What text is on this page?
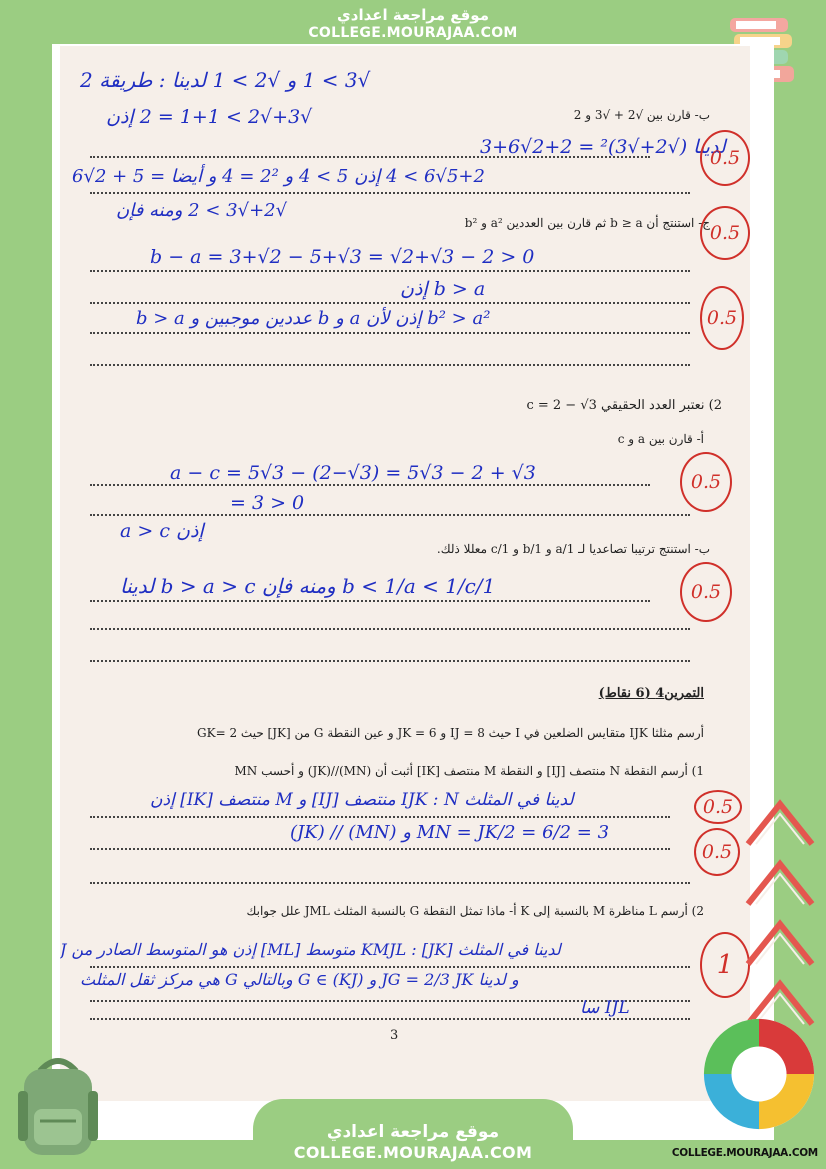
موقع مراجعة اعدادي
COLLEGE.MOURAJAA.COM
√3 > 1 و √2 > 1 لدينا : طريقة 2
√3+√2 > 1+1 = 2 إذن	ب- قارن بين √2 + √3 و 2
لدينا (√2+√3)² = 2+2√6+3
0.5
5+2√6 > 4 إذن 5 > 4 و 2² = 4 و أيضا = 5 + 2√6
√2+√3 > 2 ومنه فإن
ج- استنتج أن b ≥ a ثم قارن بين العددين a² و b² 0.5
b − a = 3+√2 − 5+√3 = √2+√3 − 2 > 0
b > a إذن
0.5
b² > a² إذن لأن a و b عددين موجبين و b > a
2) نعتبر العدد الحقيقي c = 2 − √3
أ- قارن بين a و c
a − c = 5√3 − (2−√3) = 5√3 − 2 + √3	0.5
= 3 > 0
إذن a > c
ب- استنتج ترتيبا تصاعديا لـ 1/a و 1/b و 1/c معللا ذلك.
1/b < 1/a < 1/c ومنه فإن b > a > c لدينا	0.5
التمرين4 (6 نقاط)
أرسم مثلثا IJK متقايس الضلعين في I حيث IJ = 8 و JK = 6 و عين النقطة G من [JK] حيث GK= 2
1) أرسم النقطة N منتصف [IJ] و النقطة M منتصف [IK] أثبت أن (MN)//(JK) و أحسب MN
لدينا في المثلث IJK : N منتصف [IJ] و M منتصف [IK] إذن	0.5
MN = JK/2 = 6/2 = 3 و (MN) // (JK)
0.5
2) أرسم L مناظرة M بالنسبة إلى K أ- ماذا تمثل النقطة G بالنسبة المثلث JML علل جوابك
لدينا في المثلث KMJL : [JK] متوسط [ML] إذن هو المتوسط الصادر من J
و لدينا JG = 2/3 JK و G ∈ (KJ) وبالتالي G هي مركز ثقل المثلث	1
IJL سا
3
COLLEGE.MOURAJAA.COM
موقع مراجعة اعدادي
COLLEGE.MOURAJAA.COM
